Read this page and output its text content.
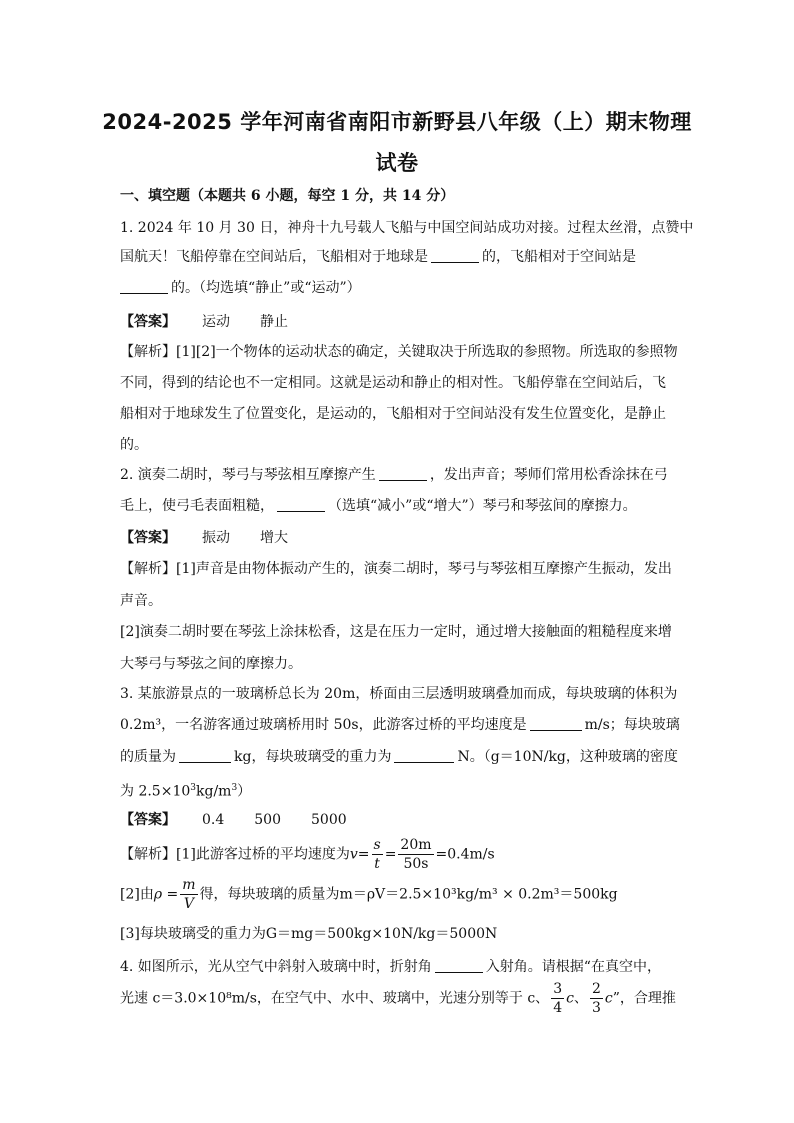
2024-2025 学年河南省南阳市新野县八年级（上）期末物理
试卷
一、填空题（本题共 6 小题，每空 1 分，共 14 分）
1. 2024 年 10 月 30 日，神舟十九号载人飞船与中国空间站成功对接。过程太丝滑，点赞中
国航天！飞船停靠在空间站后，飞船相对于地球是	的，飞船相对于空间站是
的。（均选填“静止”或“运动”）
【答案】 运动 静止
【解析】[1][2]一个物体的运动状态的确定，关键取决于所选取的参照物。所选取的参照物
不同，得到的结论也不一定相同。这就是运动和静止的相对性。飞船停靠在空间站后，飞
船相对于地球发生了位置变化，是运动的，飞船相对于空间站没有发生位置变化，是静止
的。
2. 演奏二胡时，琴弓与琴弦相互摩擦产生	，发出声音；琴师们常用松香涂抹在弓
毛上，使弓毛表面粗糙，	（选填“减小”或“增大”）琴弓和琴弦间的摩擦力。
【答案】 振动 增大
【解析】[1]声音是由物体振动产生的，演奏二胡时，琴弓与琴弦相互摩擦产生振动，发出
声音。
[2]演奏二胡时要在琴弦上涂抹松香，这是在压力一定时，通过增大接触面的粗糙程度来增
大琴弓与琴弦之间的摩擦力。
3. 某旅游景点的一玻璃桥总长为 20m，桥面由三层透明玻璃叠加而成，每块玻璃的体积为
0.2m³，一名游客通过玻璃桥用时 50s，此游客过桥的平均速度是	m/s；每块玻璃
的质量为	kg，每块玻璃受的重力为	N。（g＝10N/kg，这种玻璃的密度
为 $2.5\times 10^3kg/m^3$）
【答案】 0.4 500 5000
【解析】[1]此游客过桥的平均速度为$v= \frac{s}{t} = \frac{20m}{50s} =0.4m/s$
[2]由$\rho = \frac{m}{V}$ 得，每块玻璃的质量为m＝ρV＝2.5×10³kg/m³ × 0.2m³＝500kg
[3]每块玻璃受的重力为G＝mg＝500kg×10N/kg＝5000N
4. 如图所示，光从空气中斜射入玻璃中时，折射角	入射角。请根据“在真空中，
光速 c＝3.0×10⁸m/s，在空气中、水中、玻璃中，光速分别等于 c、 $\frac{3}{4}$ c、 $\frac{2}{3} c$”，合理推
